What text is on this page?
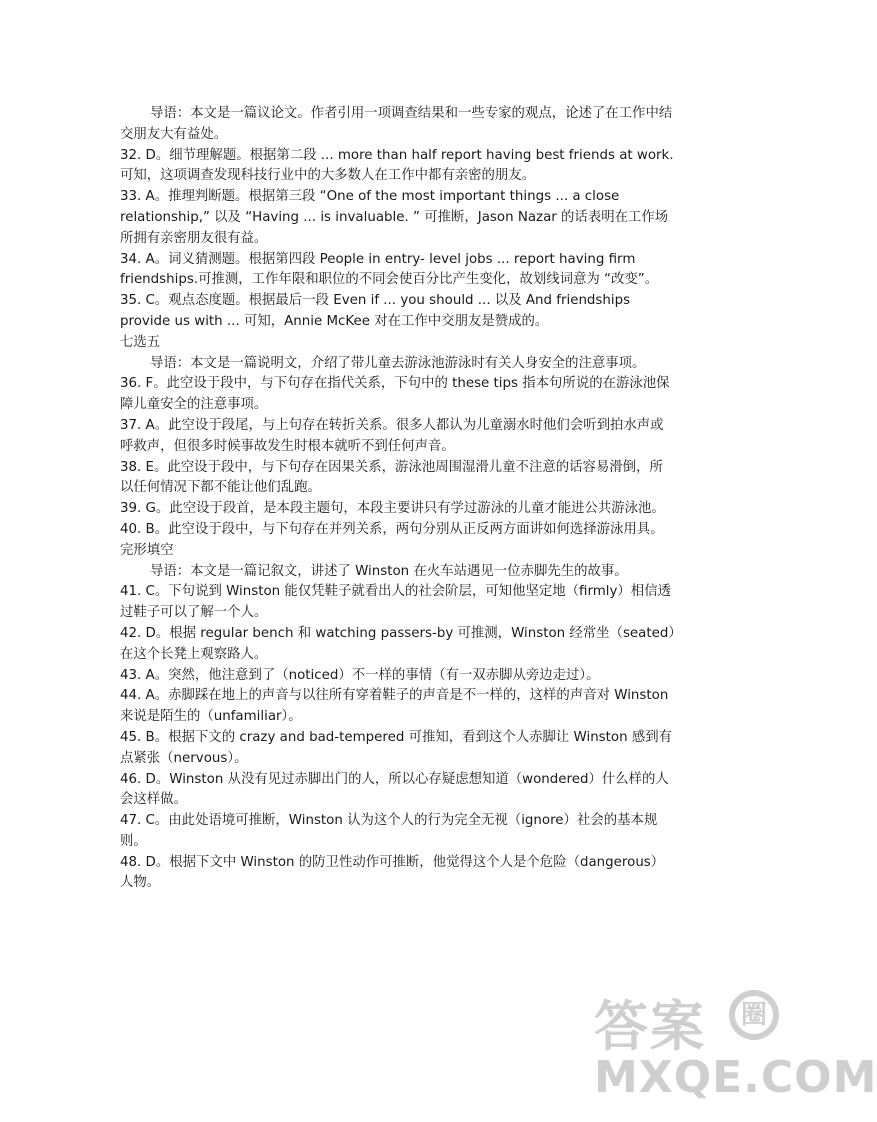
导语：本文是一篇议论文。作者引用一项调查结果和一些专家的观点，论述了在工作中结交朋友大有益处。

32. D。细节理解题。根据第二段 ... more than half report having best friends at work.可知，这项调查发现科技行业中的大多数人在工作中都有亲密的朋友。

33. A。推理判断题。根据第三段 “One of the most important things ... a close relationship,” 以及 “Having ... is invaluable. ” 可推断，Jason Nazar 的话表明在工作场所拥有亲密朋友很有益。

34. A。词义猜测题。根据第四段 People in entry- level jobs ... report having firm friendships.可推测，工作年限和职位的不同会使百分比产生变化，故划线词意为 “改变”。

35. C。观点态度题。根据最后一段 Even if ... you should ... 以及 And friendships provide us with ... 可知，Annie McKee 对在工作中交朋友是赞成的。

七选五

导语：本文是一篇说明文，介绍了带儿童去游泳池游泳时有关人身安全的注意事项。

36. F。此空设于段中，与下句存在指代关系，下句中的 these tips 指本句所说的在游泳池保障儿童安全的注意事项。

37. A。此空设于段尾，与上句存在转折关系。很多人都认为儿童溺水时他们会听到拍水声或呼救声，但很多时候事故发生时根本就听不到任何声音。

38. E。此空设于段中，与下句存在因果关系，游泳池周围湿滑儿童不注意的话容易滑倒，所以任何情况下都不能让他们乱跑。

39. G。此空设于段首，是本段主题句，本段主要讲只有学过游泳的儿童才能进公共游泳池。

40. B。此空设于段中，与下句存在并列关系，两句分别从正反两方面讲如何选择游泳用具。

完形填空

导语：本文是一篇记叙文，讲述了 Winston 在火车站遇见一位赤脚先生的故事。

41. C。下句说到 Winston 能仅凭鞋子就看出人的社会阶层，可知他坚定地（firmly）相信透过鞋子可以了解一个人。

42. D。根据 regular bench 和 watching passers-by 可推测，Winston 经常坐（seated）在这个长凳上观察路人。

43. A。突然，他注意到了（noticed）不一样的事情（有一双赤脚从旁边走过）。

44. A。赤脚踩在地上的声音与以往所有穿着鞋子的声音是不一样的，这样的声音对 Winston 来说是陌生的（unfamiliar）。

45. B。根据下文的 crazy and bad-tempered 可推知，看到这个人赤脚让 Winston 感到有点紧张（nervous）。

46. D。Winston 从没有见过赤脚出门的人，所以心存疑虑想知道（wondered）什么样的人会这样做。

47. C。由此处语境可推断，Winston 认为这个人的行为完全无视（ignore）社会的基本规则。

48. D。根据下文中 Winston 的防卫性动作可推断，他觉得这个人是个危险（dangerous）人物。

答案	圈
MXQE.COM
